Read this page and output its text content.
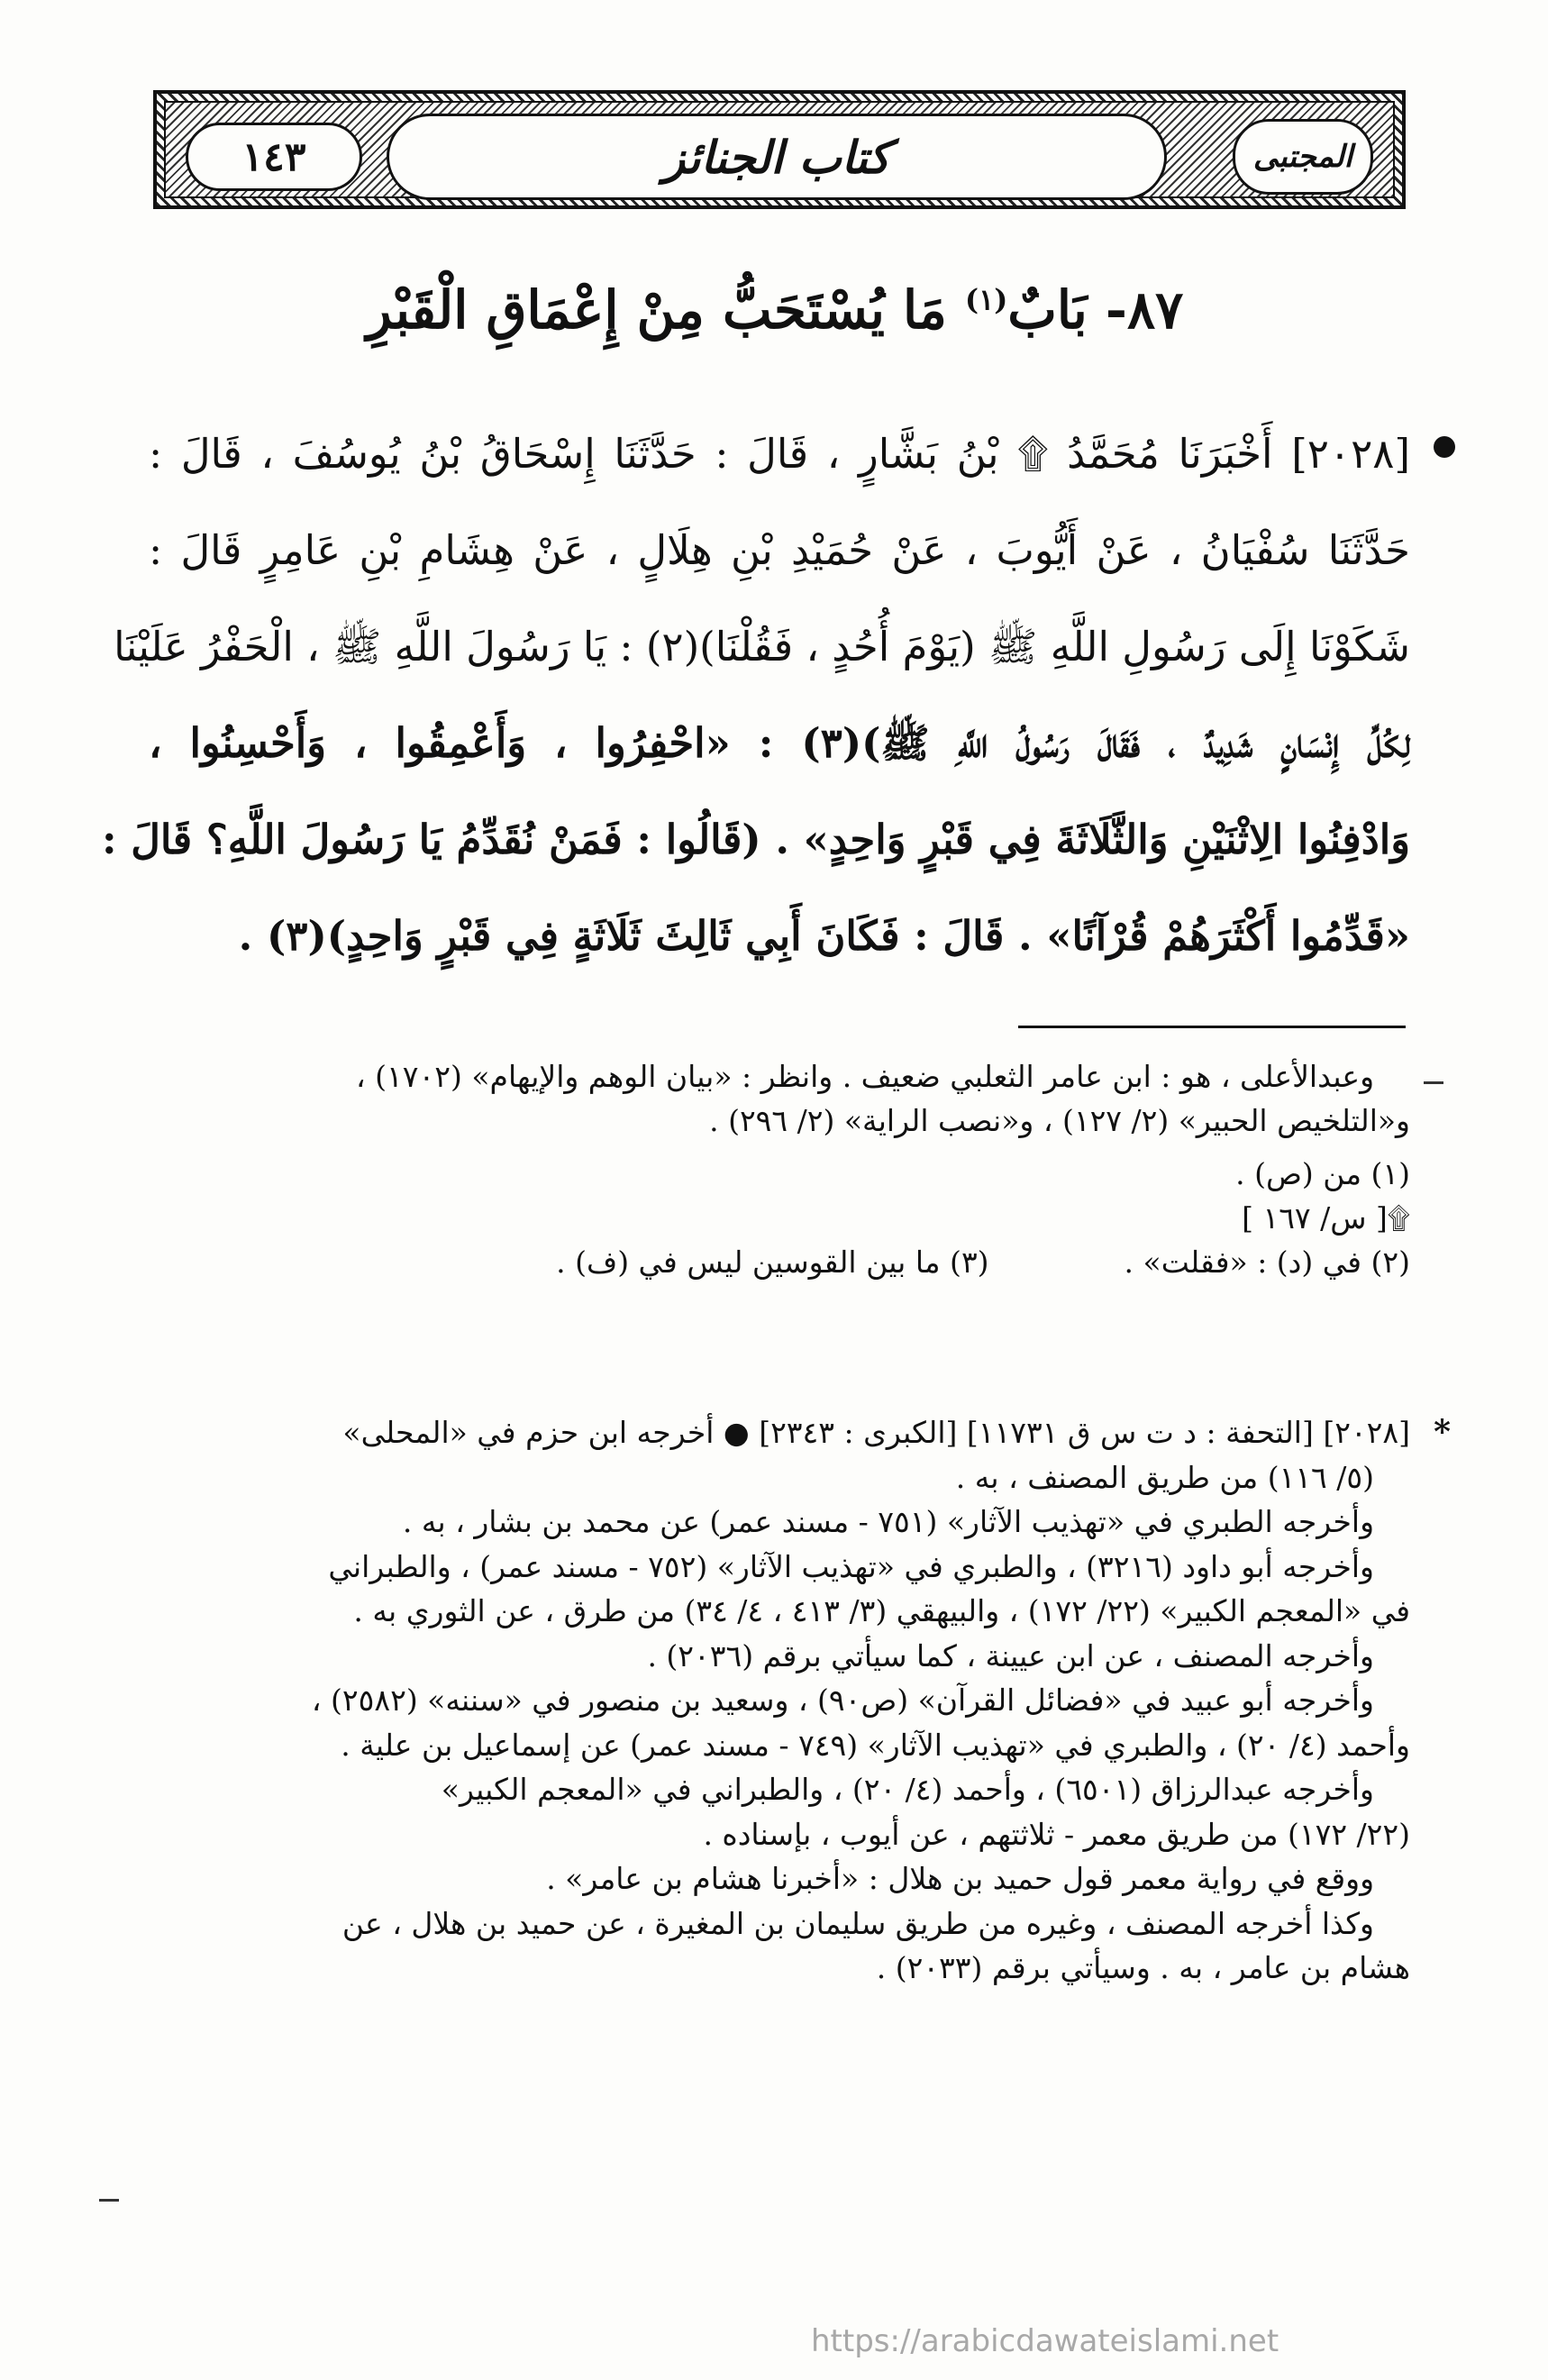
١٤٣	كتاب الجنائز	المجتبى
٨٧- بَابٌ$^{(١)}$ مَا يُسْتَحَبُّ مِنْ إِعْمَاقِ الْقَبْرِ
[٢٠٢٨] أَخْبَرَنَا مُحَمَّدُ ۩ بْنُ بَشَّارٍ ، قَالَ : حَدَّثَنَا إِسْحَاقُ بْنُ يُوسُفَ ، قَالَ :
حَدَّثَنَا سُفْيَانُ ، عَنْ أَيُّوبَ ، عَنْ حُمَيْدِ بْنِ هِلَالٍ ، عَنْ هِشَامِ بْنِ عَامِرٍ قَالَ :
شَكَوْنَا إِلَى رَسُولِ اللَّهِ ﷺ (يَوْمَ أُحُدٍ ، فَقُلْنَا)(٢) : يَا رَسُولَ اللَّهِ ﷺ ، الْحَفْرُ عَلَيْنَا
لِكُلِّ إِنْسَانٍ شَدِيدٌ ، فَقَالَ رَسُولُ اللَّهِ ﷺ)(٣) : «احْفِرُوا ، وَأَعْمِقُوا ، وَأَحْسِنُوا ،
وَادْفِنُوا الِاثْنَيْنِ وَالثَّلَاثَةَ فِي قَبْرٍ وَاحِدٍ» . (قَالُوا : فَمَنْ نُقَدِّمُ يَا رَسُولَ اللَّهِ؟ قَالَ :
«قَدِّمُوا أَكْثَرَهُمْ قُرْآنًا» . قَالَ : فَكَانَ أَبِي ثَالِثَ ثَلَاثَةٍ فِي قَبْرٍ وَاحِدٍ)(٣) .
وعبدالأعلى ، هو : ابن عامر الثعلبي ضعيف . وانظر : «بيان الوهم والإيهام» (١٧٠٢) ،
و«التلخيص الحبير» (٢/ ١٢٧) ، و«نصب الراية» (٢/ ٢٩٦) .
(١) من (ص) .
۩[ س/ ١٦٧ ]
(٢) في (د) : «فقلت» .
(٣) ما بين القوسين ليس في (ف) .
*
[٢٠٢٨] [التحفة : د ت س ق ١١٧٣١] [الكبرى : ٢٣٤٣] ● أخرجه ابن حزم في «المحلى»
(٥/ ١١٦) من طريق المصنف ، به .
وأخرجه الطبري في «تهذيب الآثار» (٧٥١ - مسند عمر) عن محمد بن بشار ، به .
وأخرجه أبو داود (٣٢١٦) ، والطبري في «تهذيب الآثار» (٧٥٢ - مسند عمر) ، والطبراني
في «المعجم الكبير» (٢٢/ ١٧٢) ، والبيهقي (٣/ ٤١٣ ، ٤/ ٣٤) من طرق ، عن الثوري به .
وأخرجه المصنف ، عن ابن عيينة ، كما سيأتي برقم (٢٠٣٦) .
وأخرجه أبو عبيد في «فضائل القرآن» (ص٩٠) ، وسعيد بن منصور في «سننه» (٢٥٨٢) ،
وأحمد (٤/ ٢٠) ، والطبري في «تهذيب الآثار» (٧٤٩ - مسند عمر) عن إسماعيل بن علية .
وأخرجه عبدالرزاق (٦٥٠١) ، وأحمد (٤/ ٢٠) ، والطبراني في «المعجم الكبير»
(٢٢/ ١٧٢) من طريق معمر - ثلاثتهم ، عن أيوب ، بإسناده .
ووقع في رواية معمر قول حميد بن هلال : «أخبرنا هشام بن عامر» .
وكذا أخرجه المصنف ، وغيره من طريق سليمان بن المغيرة ، عن حميد بن هلال ، عن
هشام بن عامر ، به . وسيأتي برقم (٢٠٣٣) .
https://arabicdawateislami.net
